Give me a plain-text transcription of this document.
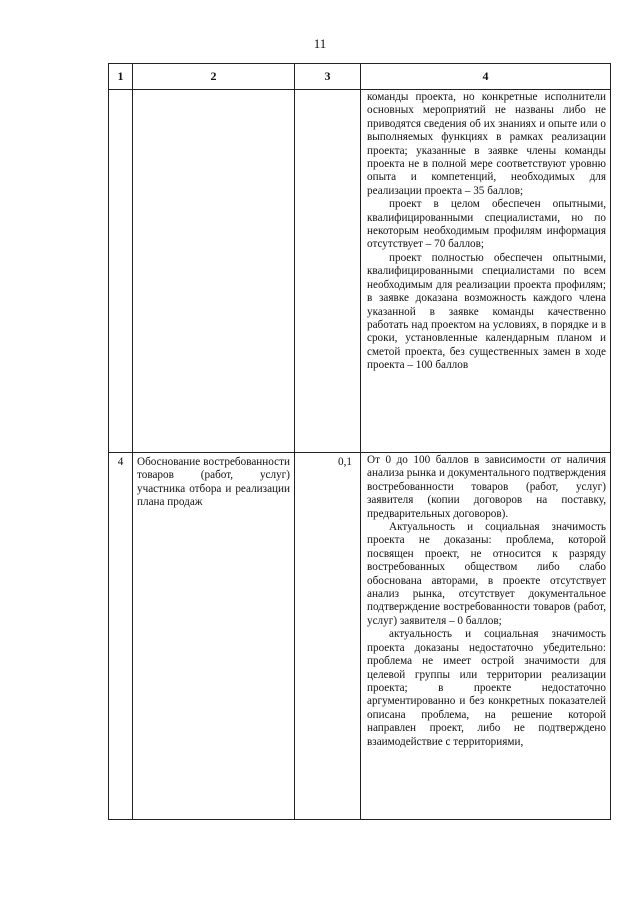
11
1	2	3	4

			команды проекта, но конкретные исполнители основных мероприятий не названы либо не приводятся сведения об их знаниях и опыте или о выполняемых функциях в рамках реализации проекта; указанные в заявке члены команды проекта не в полной мере соответствуют уровню опыта и компетенций, необходимых для реализации проекта – 35 баллов;

проект в целом обеспечен опытными, квалифицированными специалистами, но по некоторым необходимым профилям информация отсутствует – 70 баллов;

проект полностью обеспечен опытными, квалифицированными специалистами по всем необходимым для реализации проекта профилям; в заявке доказана возможность каждого члена указанной в заявке команды качественно работать над проектом на условиях, в порядке и в сроки, установленные календарным планом и сметой проекта, без существенных замен в ходе проекта – 100 баллов

4	Обоснование востребованности товаров (работ, услуг) участника отбора и реализации плана продаж	0,1	От 0 до 100 баллов в зависимости от наличия анализа рынка и документального подтверждения востребованности товаров (работ, услуг) заявителя (копии договоров на поставку, предварительных договоров).

Актуальность и социальная значимость проекта не доказаны: проблема, которой посвящен проект, не относится к разряду востребованных обществом либо слабо обоснована авторами, в проекте отсутствует анализ рынка, отсутствует документальное подтверждение востребованности товаров (работ, услуг) заявителя – 0 баллов;

актуальность и социальная значимость проекта доказаны недостаточно убедительно: проблема не имеет острой значимости для целевой группы или территории реализации проекта; в проекте недостаточно аргументированно и без конкретных показателей описана проблема, на решение которой направлен проект, либо не подтверждено взаимодействие с территориями,
